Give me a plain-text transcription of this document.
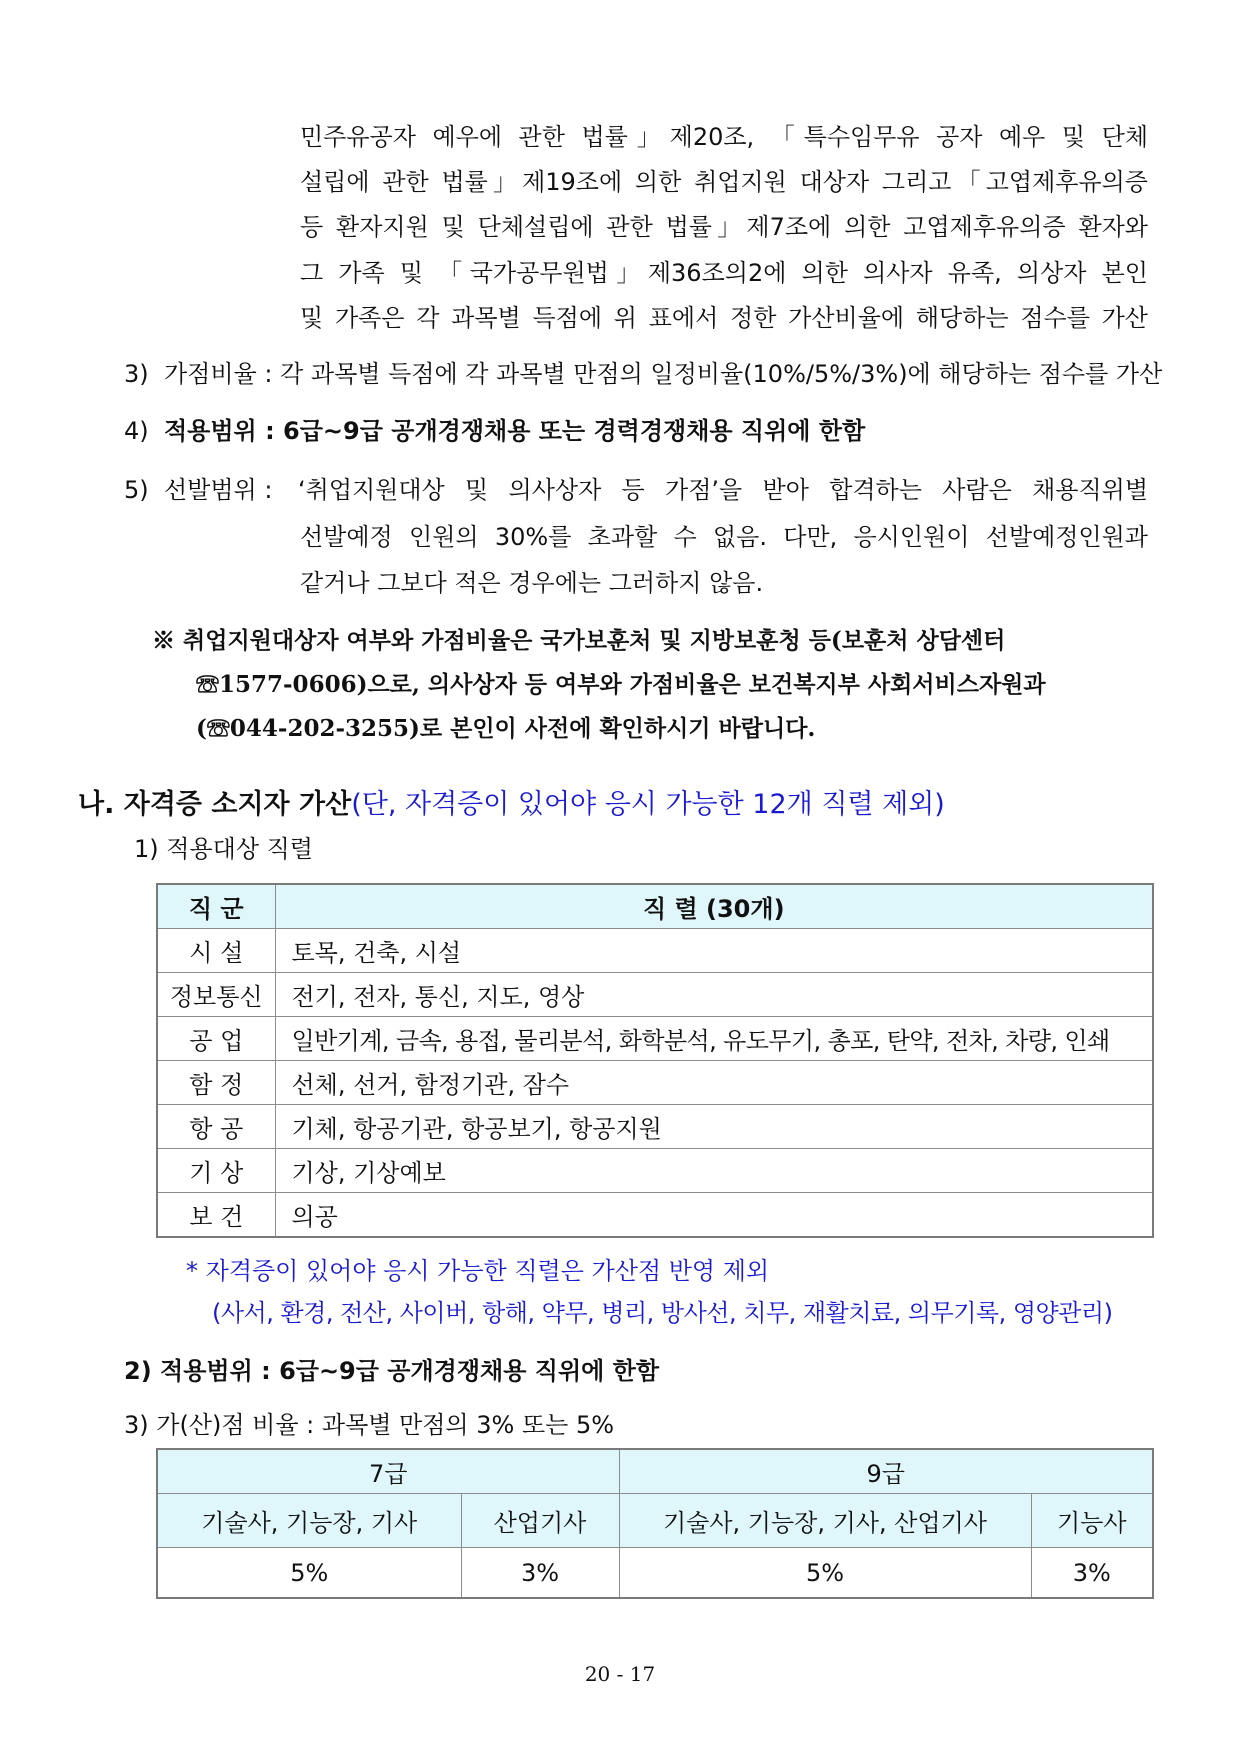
민주유공자 예우에 관한 법률」제20조, 「특수임무유 공자 예우 및 단체
설립에 관한 법률」제19조에 의한 취업지원 대상자 그리고「고엽제후유의증
등 환자지원 및 단체설립에 관한 법률」제7조에 의한 고엽제후유의증 환자와
그 가족 및 「국가공무원법」제36조의2에 의한 의사자 유족, 의상자 본인
및 가족은 각 과목별 득점에 위 표에서 정한 가산비율에 해당하는 점수를 가산
3) 가점비율 : 각 과목별 득점에 각 과목별 만점의 일정비율(10%/5%/3%)에 해당하는 점수를 가산
4) 적용범위 : 6급~9급 공개경쟁채용 또는 경력경쟁채용 직위에 한함
5) 선발범위 : ‘취업지원대상 및 의사상자 등 가점’을 받아 합격하는 사람은 채용직위별
선발예정 인원의 30%를 초과할 수 없음. 다만, 응시인원이 선발예정인원과
같거나 그보다 적은 경우에는 그러하지 않음.
※ 취업지원대상자 여부와 가점비율은 국가보훈처 및 지방보훈청 등(보훈처 상담센터
☏1577-0606)으로, 의사상자 등 여부와 가점비율은 보건복지부 사회서비스자원과
(☏044-202-3255)로 본인이 사전에 확인하시기 바랍니다.
나. 자격증 소지자 가산(단, 자격증이 있어야 응시 가능한 12개 직렬 제외)
1) 적용대상 직렬
직 군	직 렬 (30개)
시 설	토목, 건축, 시설
정보통신	전기, 전자, 통신, 지도, 영상
공 업	일반기계, 금속, 용접, 물리분석, 화학분석, 유도무기, 총포, 탄약, 전차, 차량, 인쇄
함 정	선체, 선거, 함정기관, 잠수
항 공	기체, 항공기관, 항공보기, 항공지원
기 상	기상, 기상예보
보 건	의공
* 자격증이 있어야 응시 가능한 직렬은 가산점 반영 제외
(사서, 환경, 전산, 사이버, 항해, 약무, 병리, 방사선, 치무, 재활치료, 의무기록, 영양관리)
2) 적용범위 : 6급~9급 공개경쟁채용 직위에 한함
3) 가(산)점 비율 : 과목별 만점의 3% 또는 5%
7급		9급	
기술사, 기능장, 기사	산업기사	기술사, 기능장, 기사, 산업기사	기능사
5%	3%	5%	3%
20 - 17
